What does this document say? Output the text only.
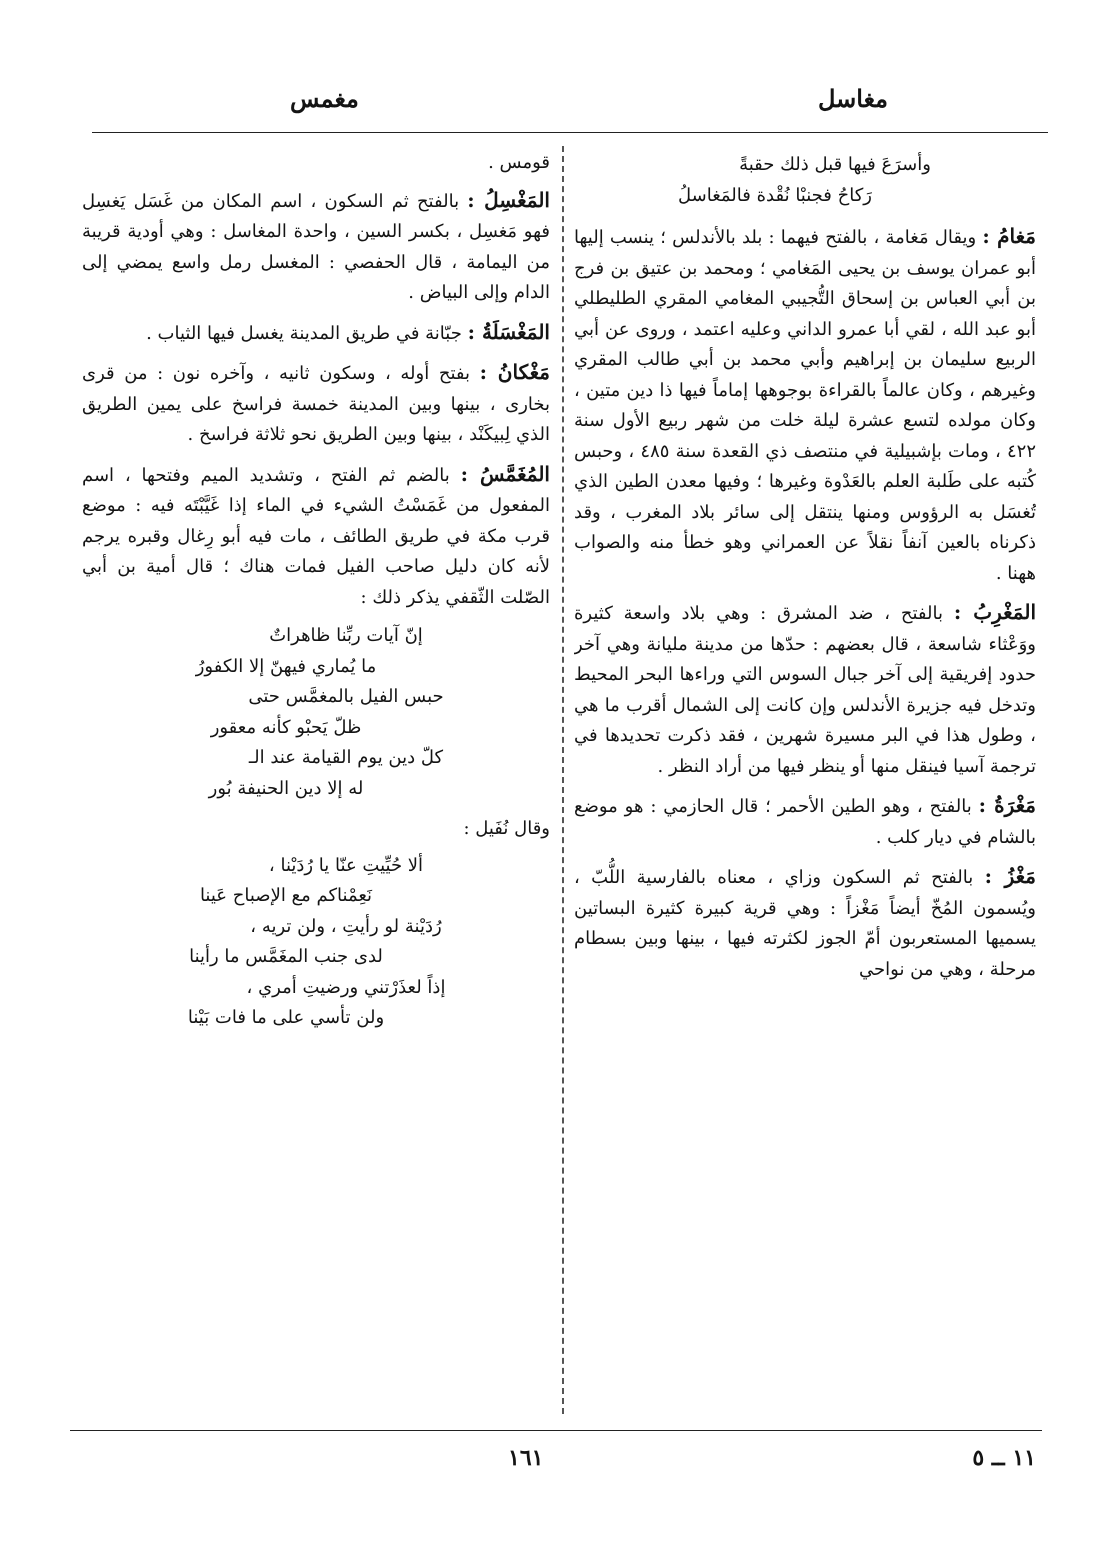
مغاسل
مغمس
وأسرَعَ فيها قبل ذلك حقبةً
رَكاحُ فجنبْا نُقْدة فالمَغاسلُ

مَغامُ : ويقال مَغامة ، بالفتح فيهما : بلد بالأندلس ؛ ينسب إليها أبو عمران يوسف بن يحيى المَغامي ؛ ومحمد بن عتيق بن فرج بن أبي العباس بن إسحاق التُّجيبي المغامي المقري الطليطلي أبو عبد الله ، لقي أبا عمرو الداني وعليه اعتمد ، وروى عن أبي الربيع سليمان بن إبراهيم وأبي محمد بن أبي طالب المقري وغيرهم ، وكان عالماً بالقراءة بوجوهها إماماً فيها ذا دين متين ، وكان مولده لتسع عشرة ليلة خلت من شهر ربيع الأول سنة ٤٢٢ ، ومات بإشبيلية في منتصف ذي القعدة سنة ٤٨٥ ، وحبس كُتبه على طَلبة العلم بالعَدْوة وغيرها ؛ وفيها معدن الطين الذي تُغسَل به الرؤوس ومنها ينتقل إلى سائر بلاد المغرب ، وقد ذكرناه بالعين آنفاً نقلاً عن العمراني وهو خطأ منه والصواب ههنا .

المَغْرِبُ : بالفتح ، ضد المشرق : وهي بلاد واسعة كثيرة ووَعْثاء شاسعة ، قال بعضهم : حدّها من مدينة مليانة وهي آخر حدود إفريقية إلى آخر جبال السوس التي وراءها البحر المحيط وتدخل فيه جزيرة الأندلس وإن كانت إلى الشمال أقرب ما هي ، وطول هذا في البر مسيرة شهرين ، فقد ذكرت تحديدها في ترجمة آسيا فينقل منها أو ينظر فيها من أراد النظر .

مَغْرَةُ : بالفتح ، وهو الطين الأحمر ؛ قال الحازمي : هو موضع بالشام في ديار كلب .

مَغْزُ : بالفتح ثم السكون وزاي ، معناه بالفارسية اللُّبّ ، ويُسمون المُخّ أيضاً مَغْزاً : وهي قرية كبيرة كثيرة البساتين يسميها المستعربون أمّ الجوز لكثرته فيها ، بينها وبين بسطام مرحلة ، وهي من نواحي

قومس .

المَغْسِلُ : بالفتح ثم السكون ، اسم المكان من غَسَل يَغسِل فهو مَغسِل ، بكسر السين ، واحدة المغاسل : وهي أودية قريبة من اليمامة ، قال الحفصي : المغسل رمل واسع يمضي إلى الدام وإلى البياض .

المَغْسَلَةُ : جبّانة في طريق المدينة يغسل فيها الثياب .

مَغْكانُ : بفتح أوله ، وسكون ثانيه ، وآخره نون : من قرى بخارى ، بينها وبين المدينة خمسة فراسخ على يمين الطريق الذي لِبيكَنْد ، بينها وبين الطريق نحو ثلاثة فراسخ .

المُغَمَّسُ : بالضم ثم الفتح ، وتشديد الميم وفتحها ، اسم المفعول من غَمَسْتُ الشيء في الماء إذا غَيَّبْتَه فيه : موضع قرب مكة في طريق الطائف ، مات فيه أبو رِغال وقبره يرجم لأنه كان دليل صاحب الفيل فمات هناك ؛ قال أمية بن أبي الصّلت الثّقفي يذكر ذلك :

إنّ آيات ربِّنا ظاهراتٌ
ما يُماري فيهنّ إلا الكفورُ
حبس الفيل بالمغمَّس حتى
ظلّ يَحبْو كأنه معقور
كلّ دين يوم القيامة عند الـ
له إلا دين الحنيفة بُور

وقال نُفَيل :

ألا حُيِّيتِ عنّا يا رُدَيْنا ،
نَعِمْناكم مع الإصباح عَينا
رُدَيْنة لو رأيتِ ، ولن تريه ،
لدى جنب المغَمَّس ما رأينا
إذاً لعذَرْتني ورضيتِ أمري ،
ولن تأسي على ما فات بَيْنا

١٦١	١١ ــ ٥
